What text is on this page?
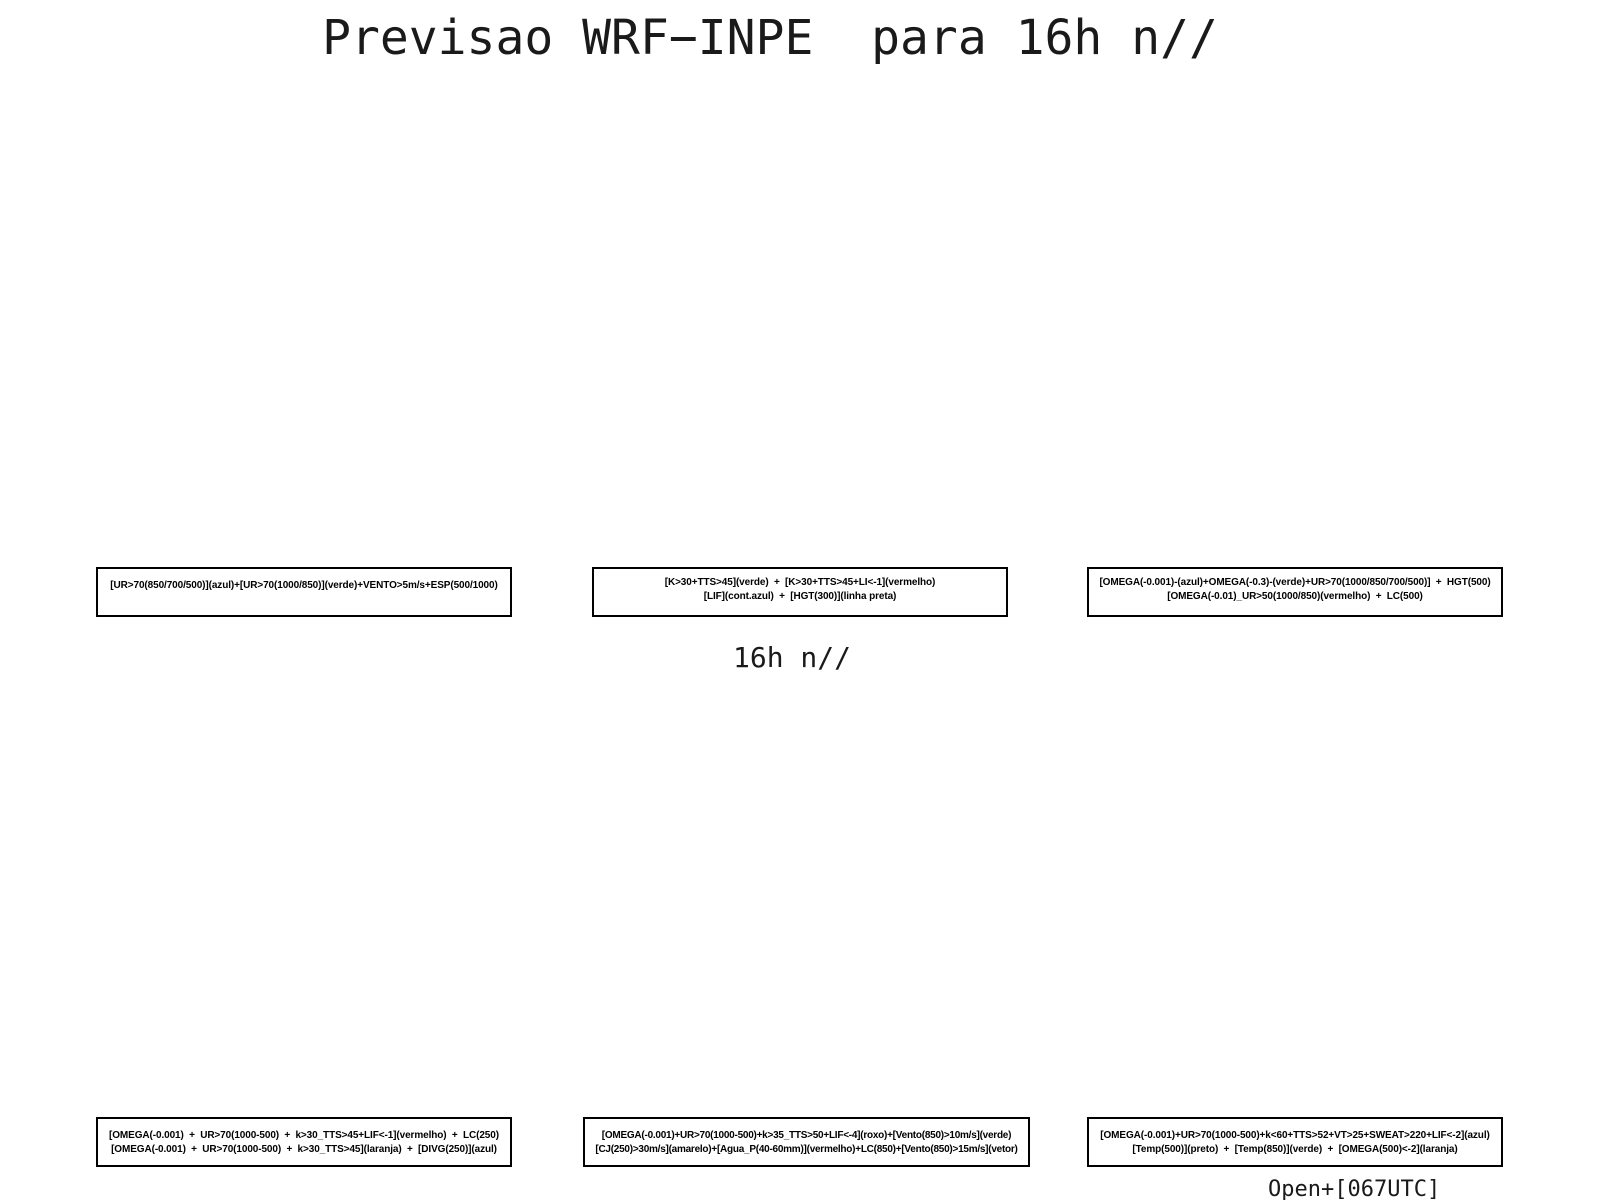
Previsao WRF−INPE  para 16h n//
[UR>70(850/700/500)](azul)+[UR>70(1000/850)](verde)+VENTO>5m/s+ESP(500/1000)	[K>30+TTS>45](verde)  +  [K>30+TTS>45+LI<-1](vermelho)
[LIF](cont.azul)  +  [HGT(300)](linha preta)
[OMEGA(-0.001)-(azul)+OMEGA(-0.3)-(verde)+UR>70(1000/850/700/500)]  +  HGT(500)
[OMEGA(-0.01)_UR>50(1000/850)(vermelho)  +  LC(500)
16h n//
[OMEGA(-0.001)  +  UR>70(1000-500)  +  k>30_TTS>45+LIF<-1](vermelho)  +  LC(250)
[OMEGA(-0.001)  +  UR>70(1000-500)  +  k>30_TTS>45](laranja)  +  [DIVG(250)](azul)
[OMEGA(-0.001)+UR>70(1000-500)+k>35_TTS>50+LIF<-4](roxo)+[Vento(850)>10m/s](verde)
[CJ(250)>30m/s](amarelo)+[Agua_P(40-60mm)](vermelho)+LC(850)+[Vento(850)>15m/s](vetor)
[OMEGA(-0.001)+UR>70(1000-500)+k<60+TTS>52+VT>25+SWEAT>220+LIF<-2](azul)
[Temp(500)](preto)  +  [Temp(850)](verde)  +  [OMEGA(500)<-2](laranja)
Open+[067UTC]
